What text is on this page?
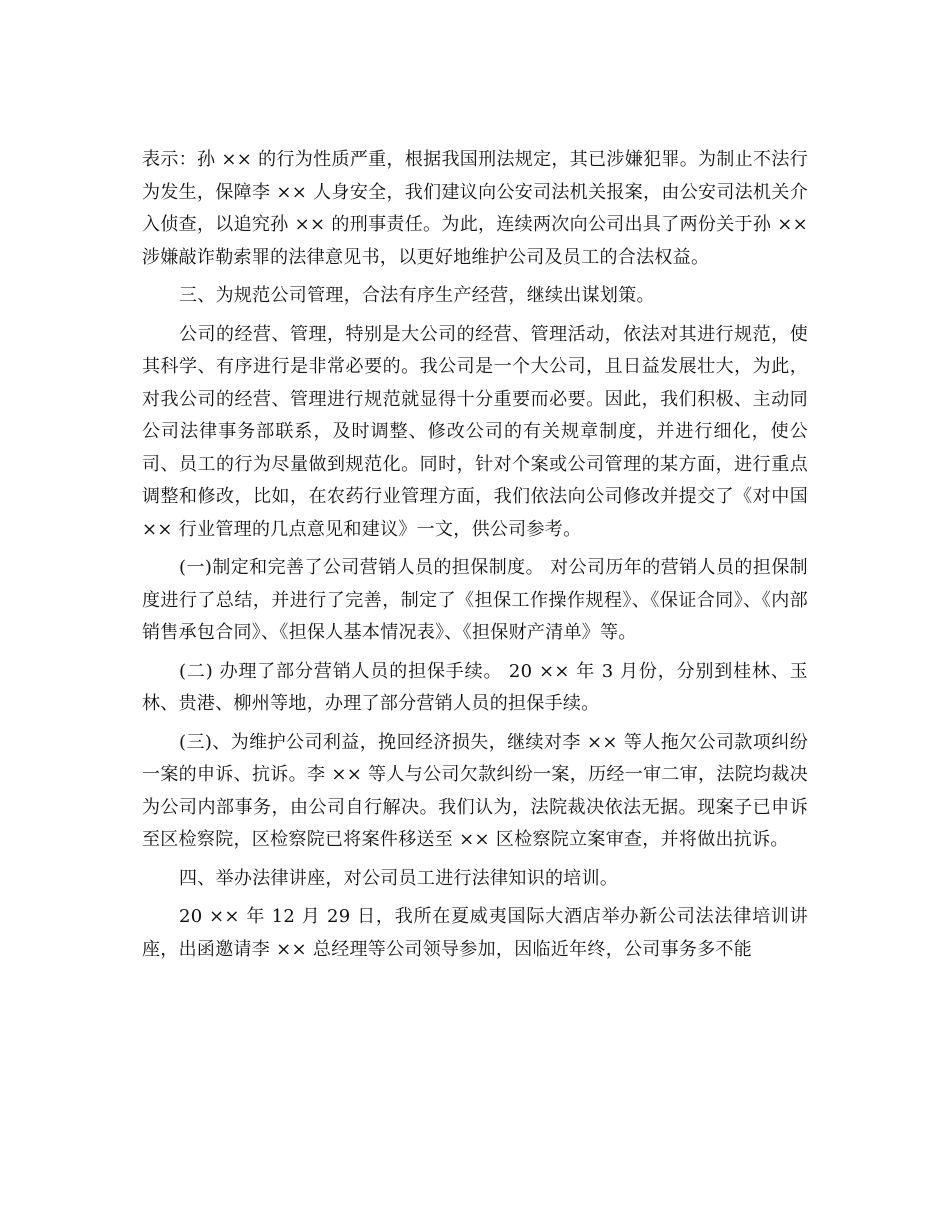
表示：孙 ×× 的行为性质严重，根据我国刑法规定，其已涉嫌犯罪。为制止不法行为发生，保障李 ×× 人身安全，我们建议向公安司法机关报案，由公安司法机关介入侦查，以追究孙 ×× 的刑事责任。为此，连续两次向公司出具了两份关于孙 ×× 涉嫌敲诈勒索罪的法律意见书，以更好地维护公司及员工的合法权益。

三、为规范公司管理，合法有序生产经营，继续出谋划策。

公司的经营、管理，特别是大公司的经营、管理活动，依法对其进行规范，使其科学、有序进行是非常必要的。我公司是一个大公司，且日益发展壮大，为此，对我公司的经营、管理进行规范就显得十分重要而必要。因此，我们积极、主动同公司法律事务部联系，及时调整、修改公司的有关规章制度，并进行细化，使公司、员工的行为尽量做到规范化。同时，针对个案或公司管理的某方面，进行重点调整和修改，比如，在农药行业管理方面，我们依法向公司修改并提交了《对中国 ×× 行业管理的几点意见和建议》一文，供公司参考。

(一)制定和完善了公司营销人员的担保制度。 对公司历年的营销人员的担保制度进行了总结，并进行了完善，制定了《担保工作操作规程》、《保证合同》、《内部销售承包合同》、《担保人基本情况表》、《担保财产清单》等。

(二) 办理了部分营销人员的担保手续。 20 ×× 年 3 月份，分别到桂林、玉林、贵港、柳州等地，办理了部分营销人员的担保手续。

(三)、为维护公司利益，挽回经济损失，继续对李 ×× 等人拖欠公司款项纠纷一案的申诉、抗诉。李 ×× 等人与公司欠款纠纷一案，历经一审二审，法院均裁决为公司内部事务，由公司自行解决。我们认为，法院裁决依法无据。现案子已申诉至区检察院，区检察院已将案件移送至 ×× 区检察院立案审查，并将做出抗诉。

四、举办法律讲座，对公司员工进行法律知识的培训。

20 ×× 年 12 月 29 日，我所在夏威夷国际大酒店举办新公司法法律培训讲座，出函邀请李 ×× 总经理等公司领导参加，因临近年终，公司事务多不能
